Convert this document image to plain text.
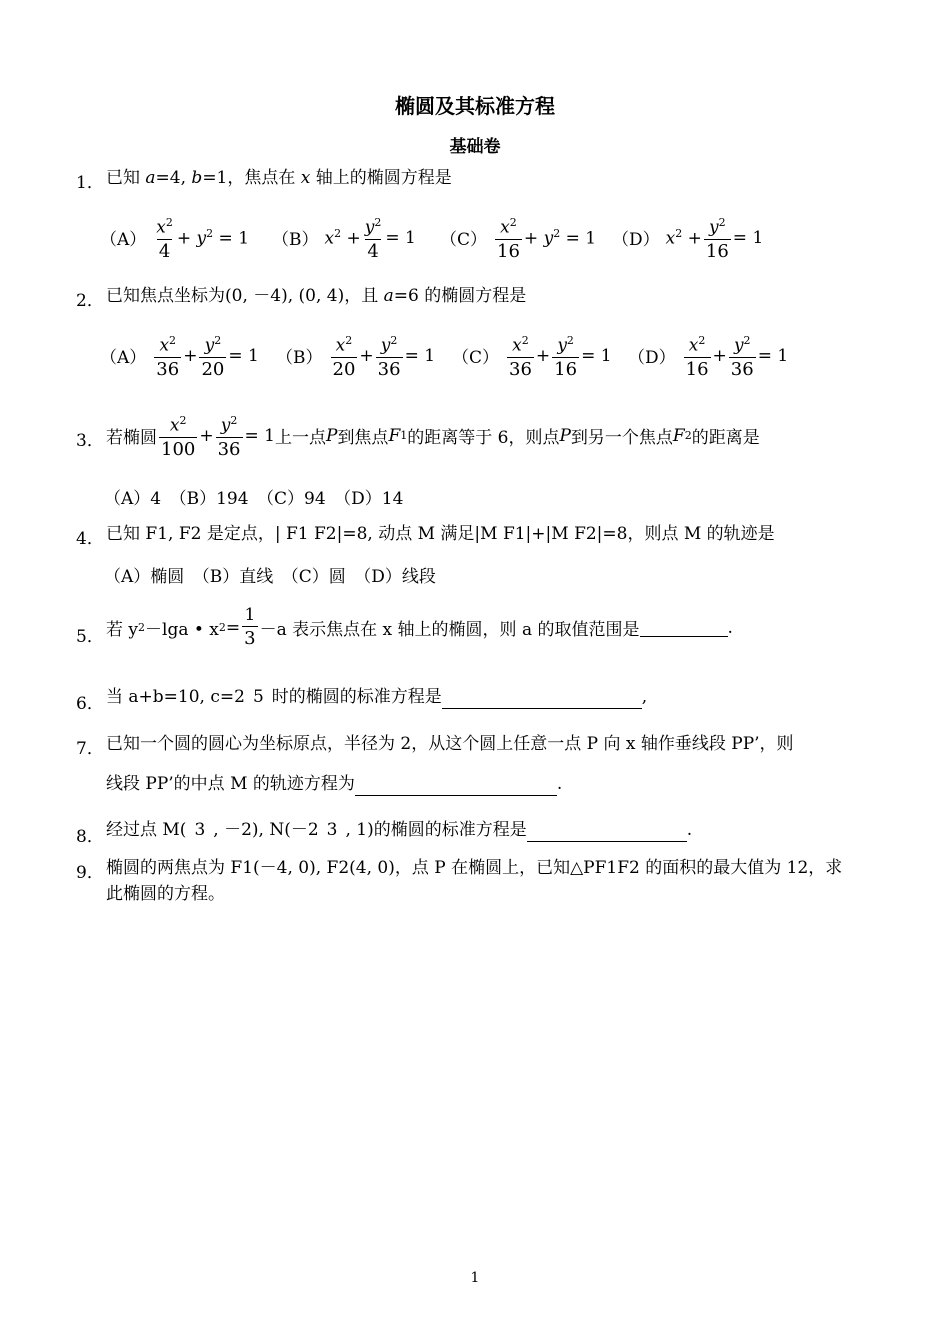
椭圆及其标准方程
基础卷
1． 已知 a=4, b=1，焦点在 x 轴上的椭圆方程是
$(A) \frac{x^2}{4} + y^2 = 1$ （B） $x^2 + \frac{y^2}{4} = 1$ $(C) \frac{x^2}{16} + y^2 = 1$ （D） $x^2 + \frac{y^2}{16} = 1$
2． 已知焦点坐标为(0, －4), (0, 4)，且 a=6 的椭圆方程是
$(A) \frac{x^2}{36} + \frac{y^2}{20} = 1$ $(B) \frac{x^2}{20} + \frac{y^2}{36} = 1$ $(C) \frac{x^2}{36} + \frac{y^2}{16} = 1$ $(D) \frac{x^2}{16} + \frac{y^2}{36} = 1$
3． 若椭圆 $\frac{x^2}{100} + \frac{y^2}{36} = 1$ 上一点 P 到焦点 F 1 的距离等于 6，则点 P 到另一个焦点 F 2 的距离是
（A）4　（B）194　（C）94　（D）14
4． 已知 F1, F2 是定点，| F1 F2|=8, 动点 M 满足|M F1|+|M F2|=8，则点 M 的轨迹是
（A）椭圆　（B）直线　（C）圆　（D）线段
5． 若 y 2 －lga • x $2 = \frac{1}{3} -a$ 表示焦点在 x 轴上的椭圆，则 a 的取值范围是	.
6． 当 a+b=10, c=2 5 时的椭圆的标准方程是	,
7． 已知一个圆的圆心为坐标原点，半径为 2，从这个圆上任意一点 P 向 x 轴作垂线段 PP’，则
线段 PP’的中点 M 的轨迹方程为	.
8． 经过点 M( 3 , －2), N(－2 3 , 1)的椭圆的标准方程是	.
9． 椭圆的两焦点为 F1(－4, 0), F2(4, 0)，点 P 在椭圆上，已知△PF1F2 的面积的最大值为 12，求
此椭圆的方程。
1
